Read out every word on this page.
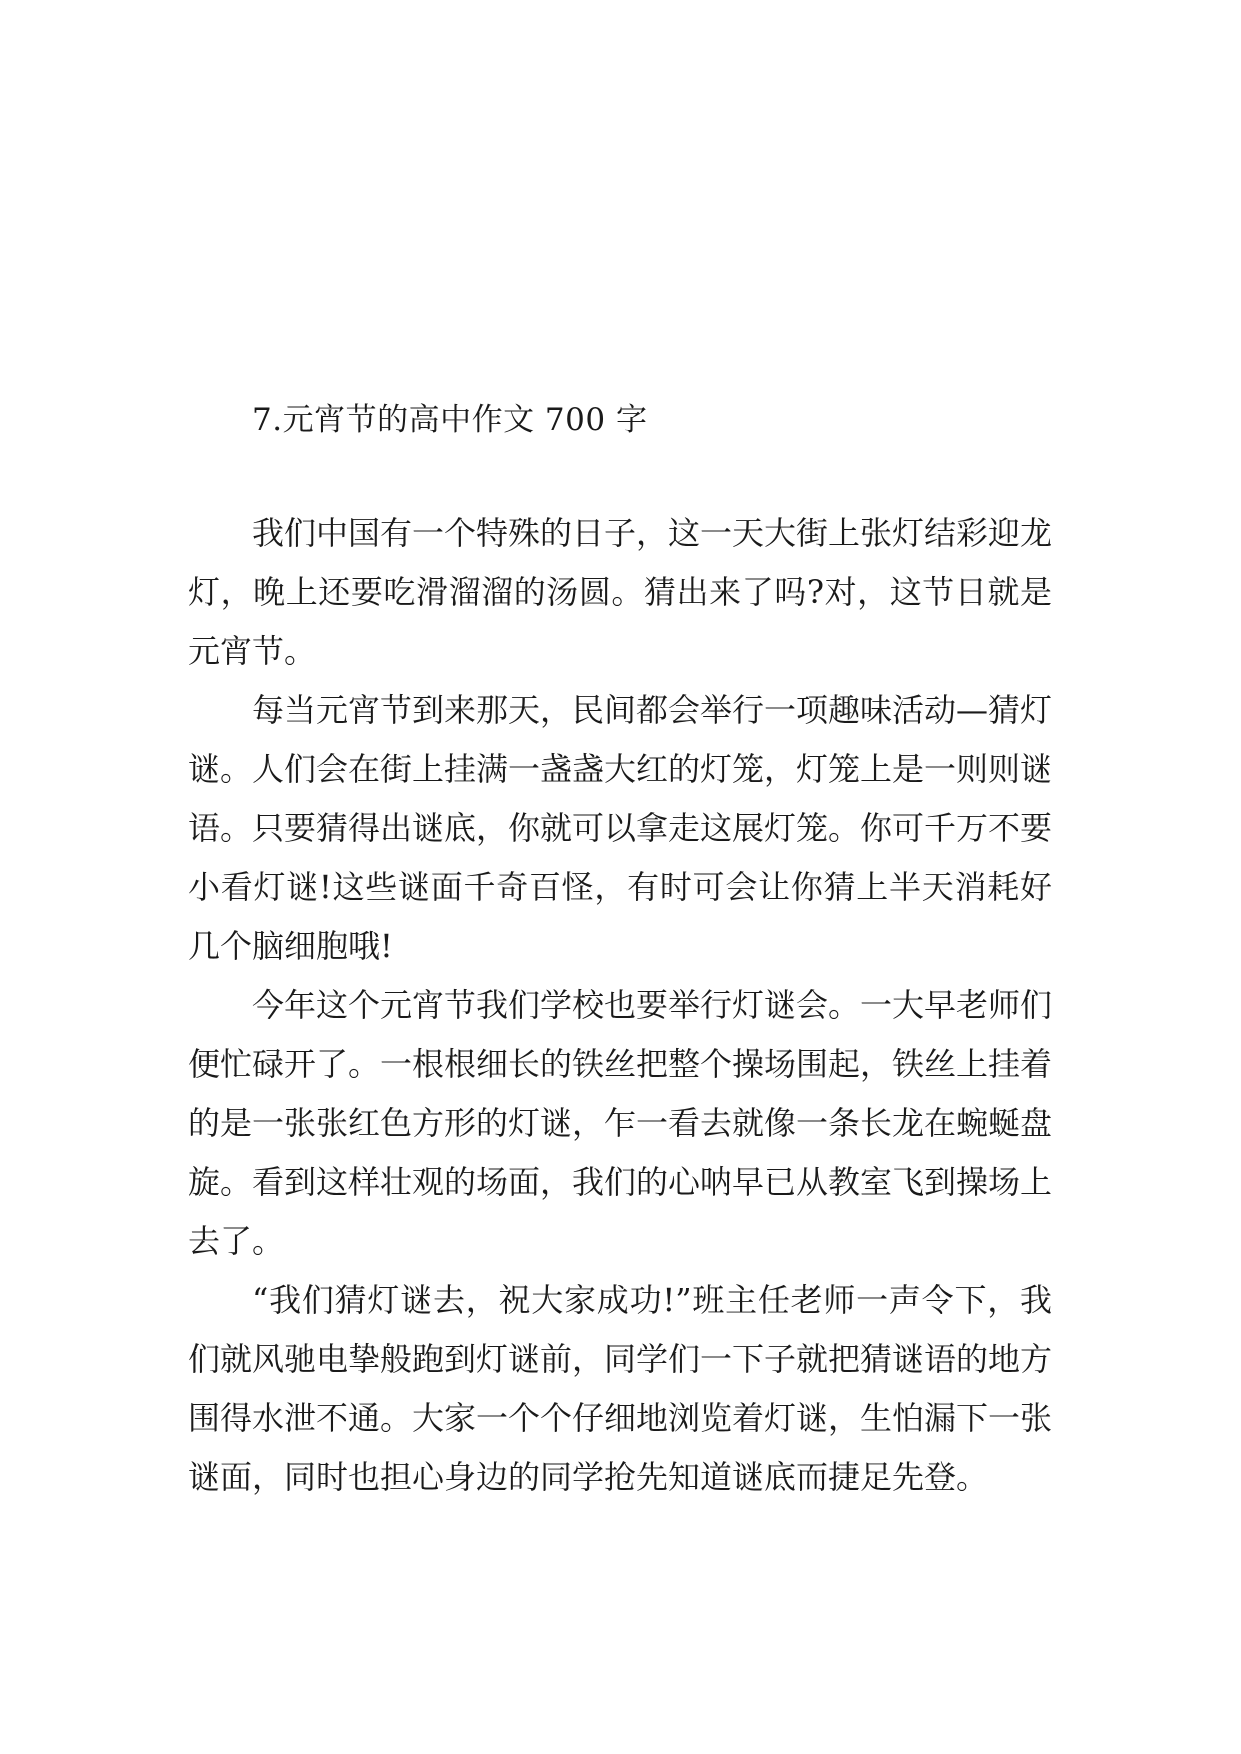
7.元宵节的高中作文 700 字

我们中国有一个特殊的日子，这一天大街上张灯结彩迎龙灯，晚上还要吃滑溜溜的汤圆。猜出来了吗?对，这节日就是元宵节。

每当元宵节到来那天，民间都会举行一项趣味活动—猜灯谜。人们会在街上挂满一盏盏大红的灯笼，灯笼上是一则则谜语。只要猜得出谜底，你就可以拿走这展灯笼。你可千万不要小看灯谜!这些谜面千奇百怪，有时可会让你猜上半天消耗好几个脑细胞哦!

今年这个元宵节我们学校也要举行灯谜会。一大早老师们便忙碌开了。一根根细长的铁丝把整个操场围起，铁丝上挂着的是一张张红色方形的灯谜，乍一看去就像一条长龙在蜿蜒盘旋。看到这样壮观的场面，我们的心呐早已从教室飞到操场上去了。

“我们猜灯谜去，祝大家成功!”班主任老师一声令下，我们就风驰电挚般跑到灯谜前，同学们一下子就把猜谜语的地方围得水泄不通。大家一个个仔细地浏览着灯谜，生怕漏下一张谜面，同时也担心身边的同学抢先知道谜底而捷足先登。
